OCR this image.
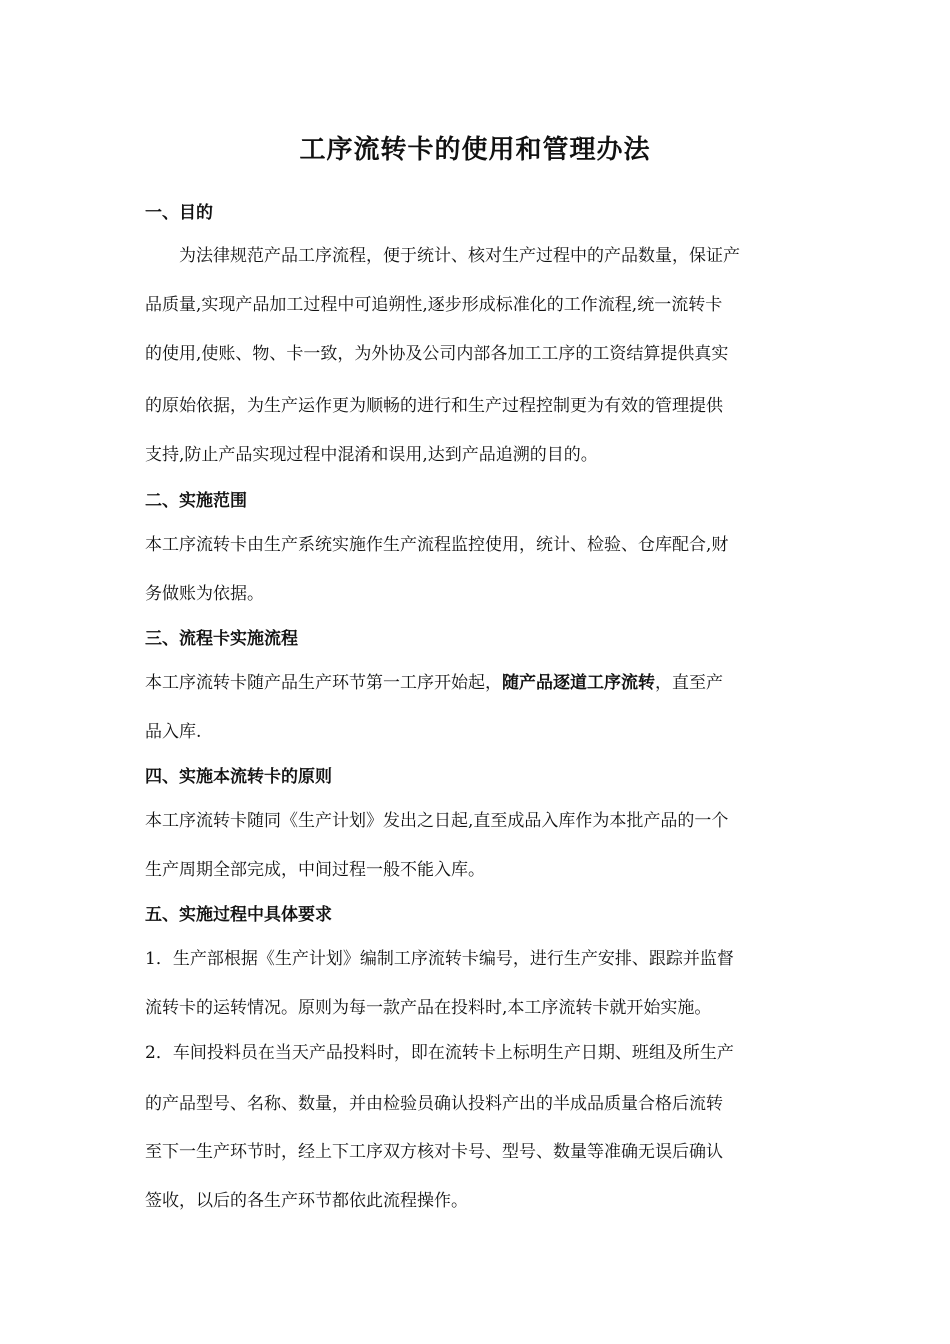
工序流转卡的使用和管理办法
一、目的
为法律规范产品工序流程，便于统计、核对生产过程中的产品数量，保证产
品质量,实现产品加工过程中可追朔性,逐步形成标准化的工作流程,统一流转卡
的使用,使账、物、卡一致，为外协及公司内部各加工工序的工资结算提供真实
的原始依据，为生产运作更为顺畅的进行和生产过程控制更为有效的管理提供
支持,防止产品实现过程中混淆和误用,达到产品追溯的目的。
二、实施范围
本工序流转卡由生产系统实施作生产流程监控使用，统计、检验、仓库配合,财
务做账为依据。
三、流程卡实施流程
本工序流转卡随产品生产环节第一工序开始起，随产品逐道工序流转，直至产
品入库.
四、实施本流转卡的原则
本工序流转卡随同《生产计划》发出之日起,直至成品入库作为本批产品的一个
生产周期全部完成，中间过程一般不能入库。
五、实施过程中具体要求
1．生产部根据《生产计划》编制工序流转卡编号，进行生产安排、跟踪并监督
流转卡的运转情况。原则为每一款产品在投料时,本工序流转卡就开始实施。
2．车间投料员在当天产品投料时，即在流转卡上标明生产日期、班组及所生产
的产品型号、名称、数量，并由检验员确认投料产出的半成品质量合格后流转
至下一生产环节时，经上下工序双方核对卡号、型号、数量等准确无误后确认
签收，以后的各生产环节都依此流程操作。
